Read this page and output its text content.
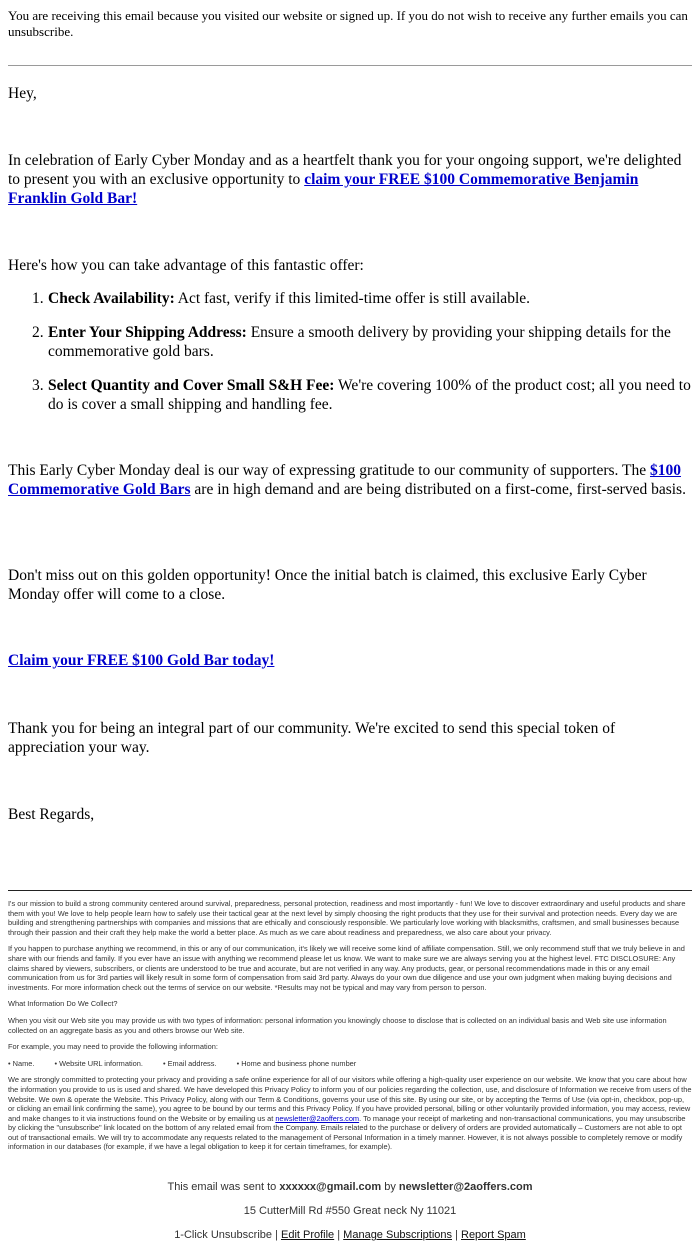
You are receiving this email because you visited our website or signed up. If you do not wish to receive any further emails you can unsubscribe.
Hey,
In celebration of Early Cyber Monday and as a heartfelt thank you for your ongoing support, we're delighted to present you with an exclusive opportunity to claim your FREE $100 Commemorative Benjamin Franklin Gold Bar!
Here's how you can take advantage of this fantastic offer:
1. Check Availability: Act fast, verify if this limited-time offer is still available.
2. Enter Your Shipping Address: Ensure a smooth delivery by providing your shipping details for the commemorative gold bars.
3. Select Quantity and Cover Small S&H Fee: We're covering 100% of the product cost; all you need to do is cover a small shipping and handling fee.
This Early Cyber Monday deal is our way of expressing gratitude to our community of supporters. The $100 Commemorative Gold Bars are in high demand and are being distributed on a first-come, first-served basis.
Don't miss out on this golden opportunity! Once the initial batch is claimed, this exclusive Early Cyber Monday offer will come to a close.
Claim your FREE $100 Gold Bar today!
Thank you for being an integral part of our community. We're excited to send this special token of appreciation your way.
Best Regards,

I's our mission to build a strong community centered around survival, preparedness, personal protection, readiness and most importantly - fun! We love to discover extraordinary and useful products and share them with you! We love to help people learn how to safely use their tactical gear at the next level by simply choosing the right products that they use for their survival and protection needs. Every day we are building and strengthening partnerships with companies and missions that are ethically and consciously responsible. We particularly love working with blacksmiths, craftsmen, and small businesses because through their passion and their craft they help make the world a better place. As much as we care about readiness and preparedness, we also care about your privacy.

If you happen to purchase anything we recommend, in this or any of our communication, it's likely we will receive some kind of affiliate compensation. Still, we only recommend stuff that we truly believe in and share with our friends and family. If you ever have an issue with anything we recommend please let us know. We want to make sure we are always serving you at the highest level. FTC DISCLOSURE: Any claims shared by viewers, subscribers, or clients are understood to be true and accurate, but are not verified in any way. Any products, gear, or personal recommendations made in this or any email communication from us for 3rd parties will likely result in some form of compensation from said 3rd party. Always do your own due diligence and use your own judgment when making buying decisions and investments. For more information check out the terms of service on our website. *Results may not be typical and may vary from person to person.

What Information Do We Collect?

When you visit our Web site you may provide us with two types of information: personal information you knowingly choose to disclose that is collected on an individual basis and Web site use information collected on an aggregate basis as you and others browse our Web site.

For example, you may need to provide the following information:

• Name.	• Website URL information.	• Email address.	• Home and business phone number

We are strongly committed to protecting your privacy and providing a safe online experience for all of our visitors while offering a high-quality user experience on our website. We know that you care about how the information you provide to us is used and shared. We have developed this Privacy Policy to inform you of our policies regarding the collection, use, and disclosure of Information we receive from users of the Website. We own & operate the Website. This Privacy Policy, along with our Term & Conditions, governs your use of this site. By using our site, or by accepting the Terms of Use (via opt-in, checkbox, pop-up, or clicking an email link confirming the same), you agree to be bound by our terms and this Privacy Policy. If you have provided personal, billing or other voluntarily provided information, you may access, review and make changes to it via instructions found on the Website or by emailing us at newsletter@2aoffers.com. To manage your receipt of marketing and non-transactional communications, you may unsubscribe by clicking the "unsubscribe" link located on the bottom of any related email from the Company. Emails related to the purchase or delivery of orders are provided automatically – Customers are not able to opt out of transactional emails. We will try to accommodate any requests related to the management of Personal Information in a timely manner. However, it is not always possible to completely remove or modify information in our databases (for example, if we have a legal obligation to keep it for certain timeframes, for example).

This email was sent to xxxxxx@gmail.com by newsletter@2aoffers.com
15 CutterMill Rd #550 Great neck Ny 11021
1-Click Unsubscribe | Edit Profile | Manage Subscriptions | Report Spam
